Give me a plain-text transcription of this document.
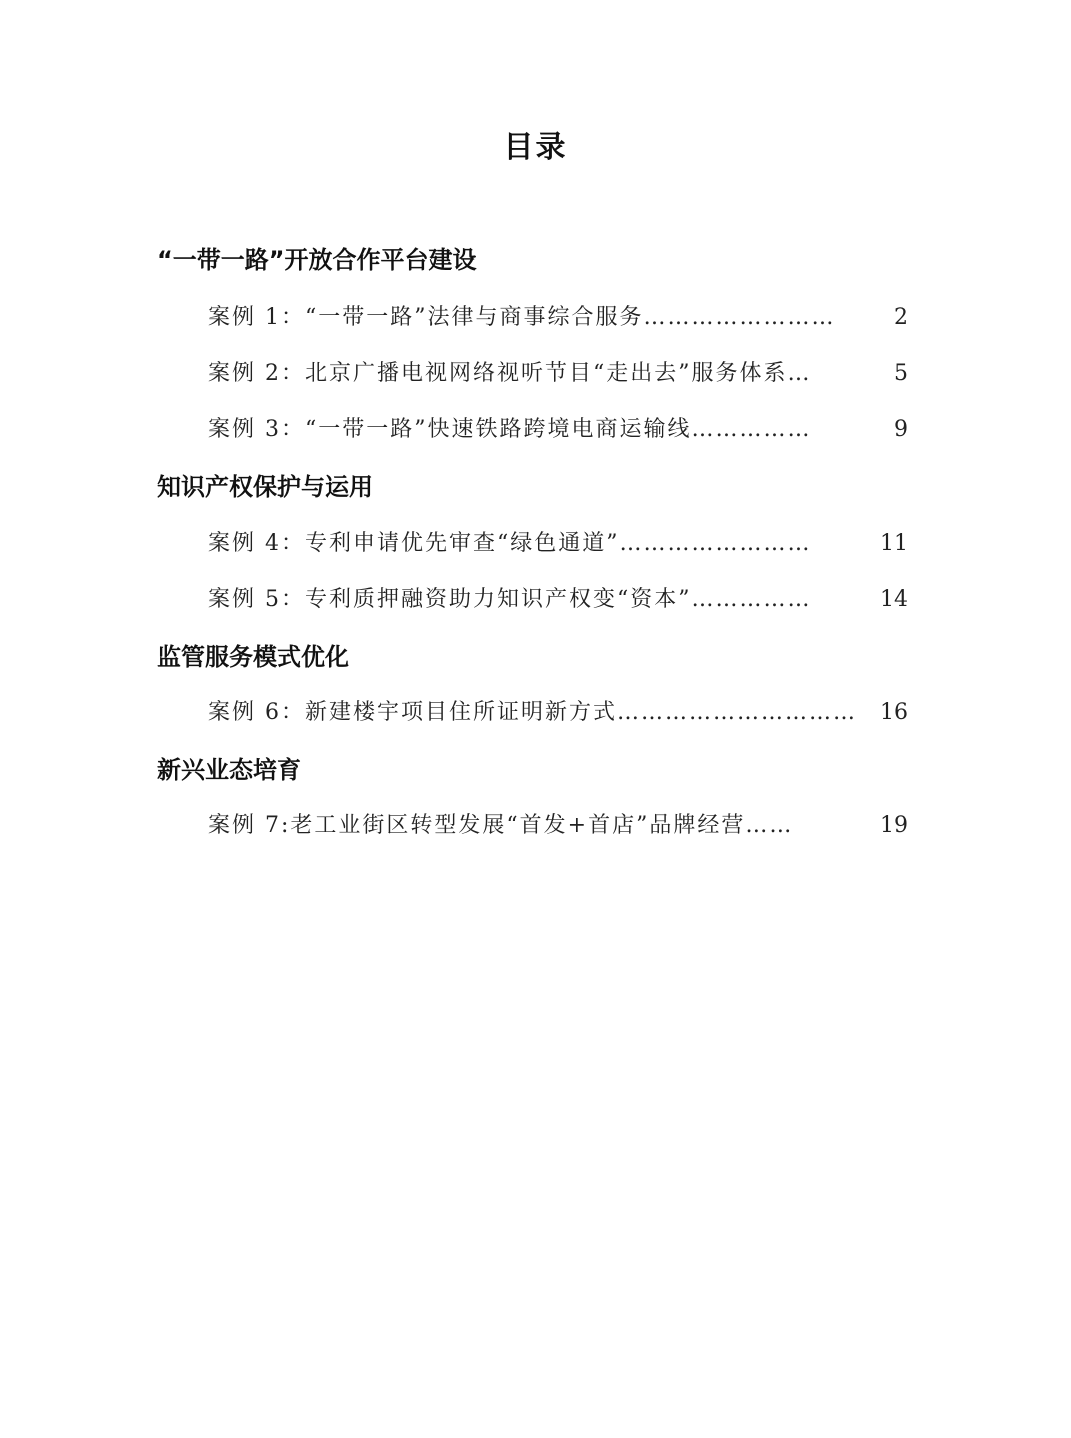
目录
“一带一路”开放合作平台建设
案例 1：“一带一路”法律与商事综合服务……………………	2
案例 2：北京广播电视网络视听节目“走出去”服务体系…	5
案例 3：“一带一路”快速铁路跨境电商运输线……………	9
知识产权保护与运用
案例 4：专利申请优先审查“绿色通道”……………………	11
案例 5：专利质押融资助力知识产权变“资本”……………	14
监管服务模式优化
案例 6：新建楼宇项目住所证明新方式…………………………	16
新兴业态培育
案例 7:老工业街区转型发展“首发+首店”品牌经营……	19
